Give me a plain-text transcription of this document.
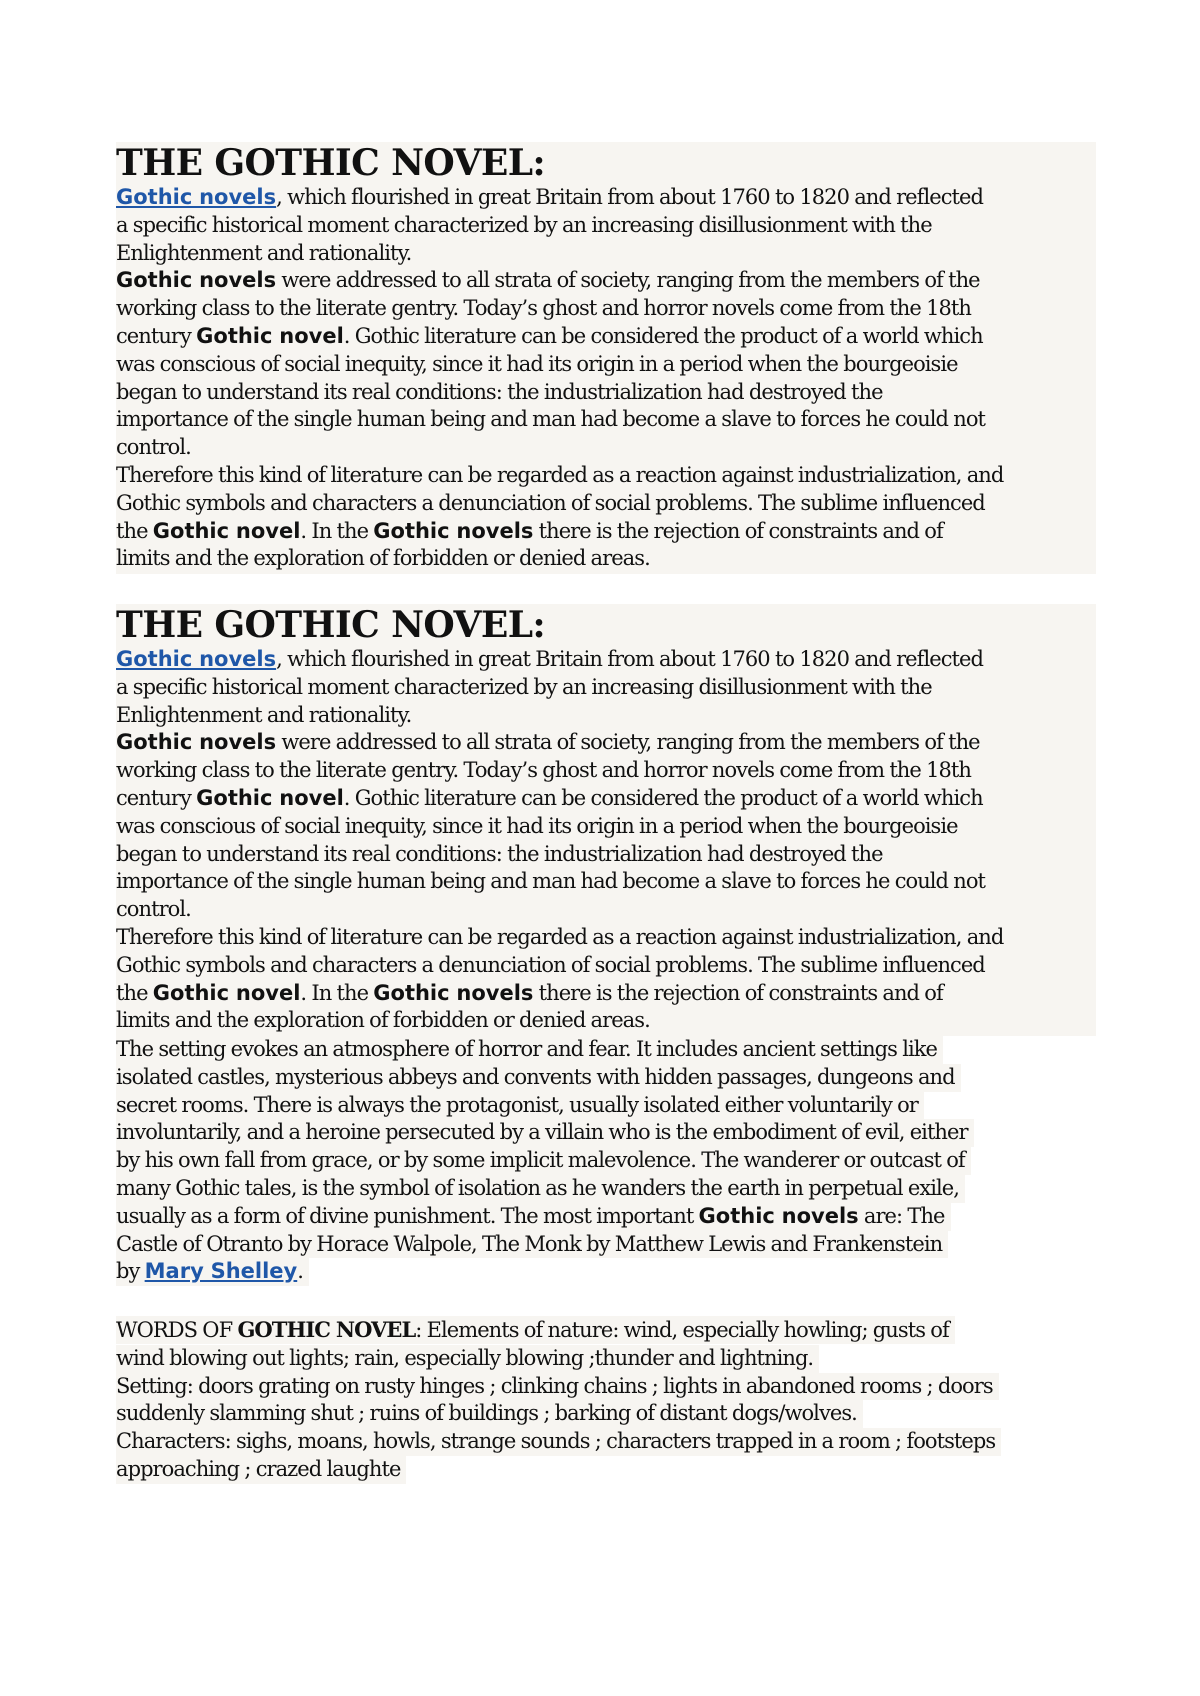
THE GOTHIC NOVEL:
Gothic novels, which flourished in great Britain from about 1760 to 1820 and reflected
a specific historical moment characterized by an increasing disillusionment with the
Enlightenment and rationality.
Gothic novels were addressed to all strata of society, ranging from the members of the
working class to the literate gentry. Today’s ghost and horror novels come from the 18th
century Gothic novel. Gothic literature can be considered the product of a world which
was conscious of social inequity, since it had its origin in a period when the bourgeoisie
began to understand its real conditions: the industrialization had destroyed the
importance of the single human being and man had become a slave to forces he could not
control.
Therefore this kind of literature can be regarded as a reaction against industrialization, and
Gothic symbols and characters a denunciation of social problems. The sublime influenced
the Gothic novel. In the Gothic novels there is the rejection of constraints and of
limits and the exploration of forbidden or denied areas.
THE GOTHIC NOVEL:
Gothic novels, which flourished in great Britain from about 1760 to 1820 and reflected
a specific historical moment characterized by an increasing disillusionment with the
Enlightenment and rationality.
Gothic novels were addressed to all strata of society, ranging from the members of the
working class to the literate gentry. Today’s ghost and horror novels come from the 18th
century Gothic novel. Gothic literature can be considered the product of a world which
was conscious of social inequity, since it had its origin in a period when the bourgeoisie
began to understand its real conditions: the industrialization had destroyed the
importance of the single human being and man had become a slave to forces he could not
control.
Therefore this kind of literature can be regarded as a reaction against industrialization, and
Gothic symbols and characters a denunciation of social problems. The sublime influenced
the Gothic novel. In the Gothic novels there is the rejection of constraints and of
limits and the exploration of forbidden or denied areas.
The setting evokes an atmosphere of horror and fear. It includes ancient settings like
isolated castles, mysterious abbeys and convents with hidden passages, dungeons and
secret rooms. There is always the protagonist, usually isolated either voluntarily or
involuntarily, and a heroine persecuted by a villain who is the embodiment of evil, either
by his own fall from grace, or by some implicit malevolence. The wanderer or outcast of
many Gothic tales, is the symbol of isolation as he wanders the earth in perpetual exile,
usually as a form of divine punishment. The most important Gothic novels are: The
Castle of Otranto by Horace Walpole, The Monk by Matthew Lewis and Frankenstein
by Mary Shelley.
WORDS OF GOTHIC NOVEL: Elements of nature: wind, especially howling; gusts of
wind blowing out lights; rain, especially blowing ;thunder and lightning.
Setting: doors grating on rusty hinges ; clinking chains ; lights in abandoned rooms ; doors
suddenly slamming shut ; ruins of buildings ; barking of distant dogs/wolves.
Characters: sighs, moans, howls, strange sounds ; characters trapped in a room ; footsteps
approaching ; crazed laughte
